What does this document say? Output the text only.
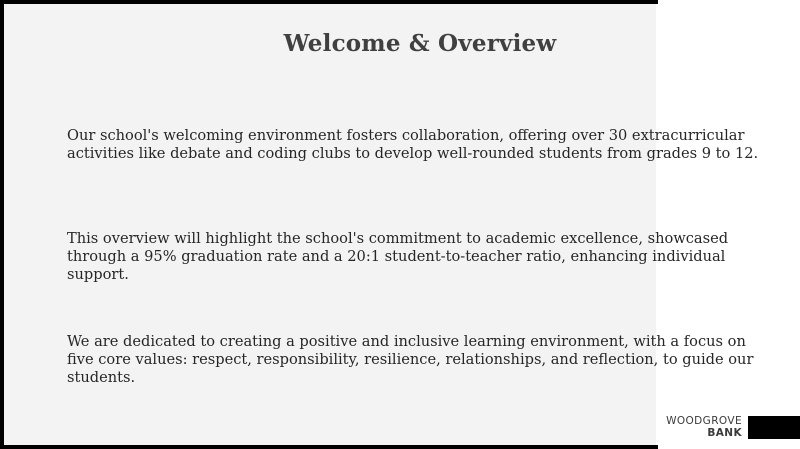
Welcome & Overview

Our school's welcoming environment fosters collaboration, offering over 30 extracurricular activities like debate and coding clubs to develop well-rounded students from grades 9 to 12.

This overview will highlight the school's commitment to academic excellence, showcased through a 95% graduation rate and a 20:1 student-to-teacher ratio, enhancing individual support.

We are dedicated to creating a positive and inclusive learning environment, with a focus on five core values: respect, responsibility, resilience, relationships, and reflection, to guide our students.

WOODGROVE
BANK
